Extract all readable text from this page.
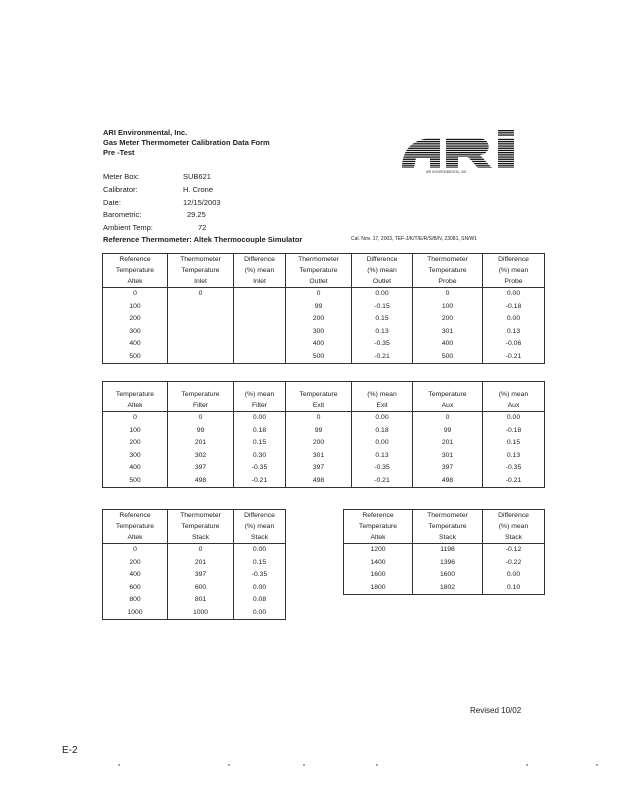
ARI Environmental, Inc.
Gas Meter Thermometer Calibration Data Form
Pre -Test
ARI ENVIRONMENTAL, INC.
Meter Box:	SUB621
Calibrator:	H. Crone
Date:	12/15/2003
Barometric:	29.25
Ambient Temp:	72
Reference Thermometer: Altek Thermocouple Simulator	Cal. Nov. 17, 2003, TEF-J/K/T/E/R/S/B/N, 23081, SN/W1
Reference	Thermometer	Difference	Thermometer	Difference	Thermometer	Difference
Temperature	Temperature	(%) mean	Temperature	(%) mean	Temperature	(%) mean
Altek	Inlet	Inlet	Outlet	Outlet	Probe	Probe
0	0		0	0.00	0	0.00
100			99	-0.15	100	-0.18
200			200	0.15	200	0.00
300			300	0.13	301	0.13
400			400	-0.35	400	-0.06
500			500	-0.21	500	-0.21
Temperature	Temperature	(%) mean	Temperature	(%) mean	Temperature	(%) mean
Altek	Filter	Filter	Exit	Exit	Aux	Aux
0	0	0.00	0	0.00	0	0.00
100	99	0.18	99	0.18	99	-0.18
200	201	0.15	200	0.00	201	0.15
300	302	0.30	301	0.13	301	0.13
400	397	-0.35	397	-0.35	397	-0.35
500	498	-0.21	498	-0.21	498	-0.21
Reference	Thermometer	Difference
Temperature	Temperature	(%) mean
Altek	Stack	Stack
0	0	0.00
200	201	0.15
400	397	-0.35
600	600	0.00
800	801	0.08
1000	1000	0.00
Reference	Thermometer	Difference
Temperature	Temperature	(%) mean
Altek	Stack	Stack
1200	1198	-0.12
1400	1396	-0.22
1600	1600	0.00
1800	1802	0.10
Revised 10/02
E-2
